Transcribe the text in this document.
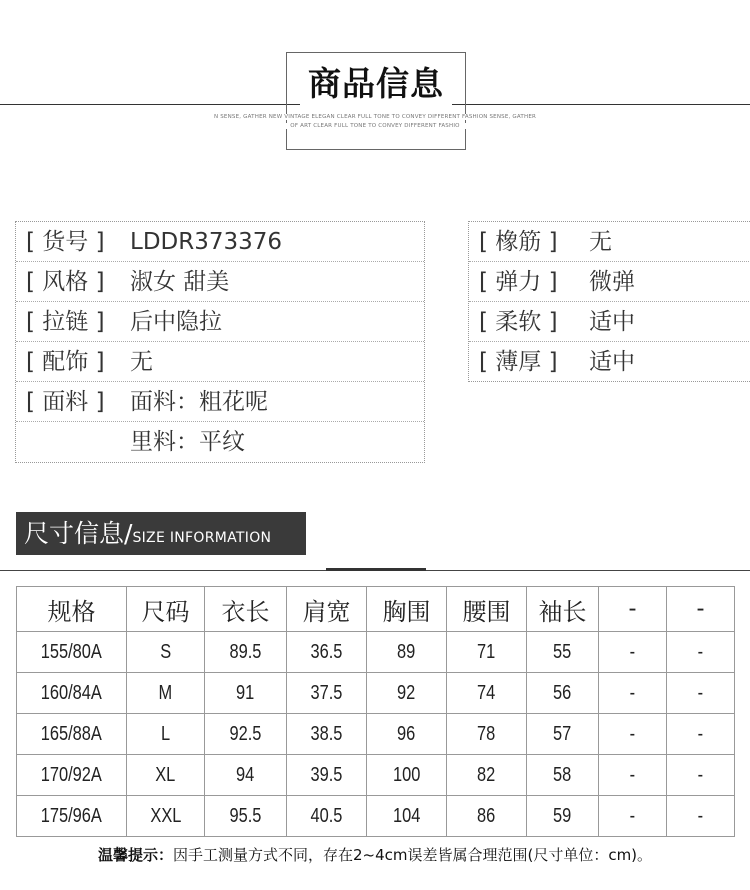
商品信息
N SENSE, GATHER NEW VINTAGE ELEGAN CLEAR FULL TONE TO CONVEY DIFFERENT FASHION SENSE, GATHER
OF ART CLEAR FULL TONE TO CONVEY DIFFERENT FASHIO
[ 货号 ] LDDR373376
[ 风格 ] 淑女 甜美
[ 拉链 ] 后中隐拉
[ 配饰 ] 无
[ 面料 ] 面料：粗花呢
里料：平纹
[ 橡筋 ] 无
[ 弹力 ] 微弹
[ 柔软 ] 适中
[ 薄厚 ] 适中
尺寸信息/SIZE INFORMATION
规格	尺码	衣长	肩宽	胸围	腰围	袖长	-	-
155/80A	S	89.5	36.5	89	71	55	-	-
160/84A	M	91	37.5	92	74	56	-	-
165/88A	L	92.5	38.5	96	78	57	-	-
170/92A	XL	94	39.5	100	82	58	-	-
175/96A	XXL	95.5	40.5	104	86	59	-	-
温馨提示：因手工测量方式不同，存在2~4cm误差皆属合理范围(尺寸单位：cm)。
